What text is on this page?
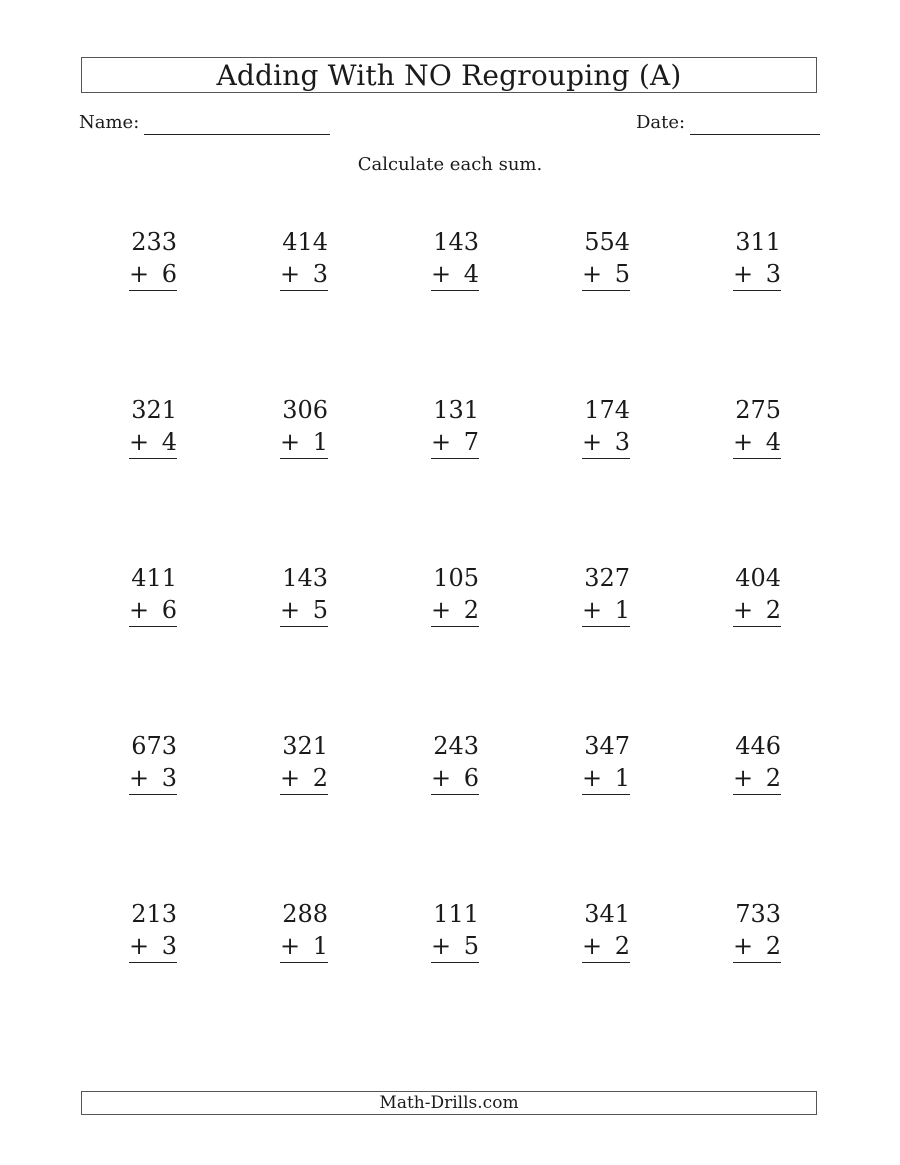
Adding With NO Regrouping (A)
Name:	Date:
Calculate each sum.
233
+ 6
414
+ 3
143
+ 4
554
+ 5
311
+ 3
321
+ 4
306
+ 1
131
+ 7
174
+ 3
275
+ 4
411
+ 6
143
+ 5
105
+ 2
327
+ 1
404
+ 2
673
+ 3
321
+ 2
243
+ 6
347
+ 1
446
+ 2
213
+ 3
288
+ 1
111
+ 5
341
+ 2
733
+ 2
Math-Drills.com
